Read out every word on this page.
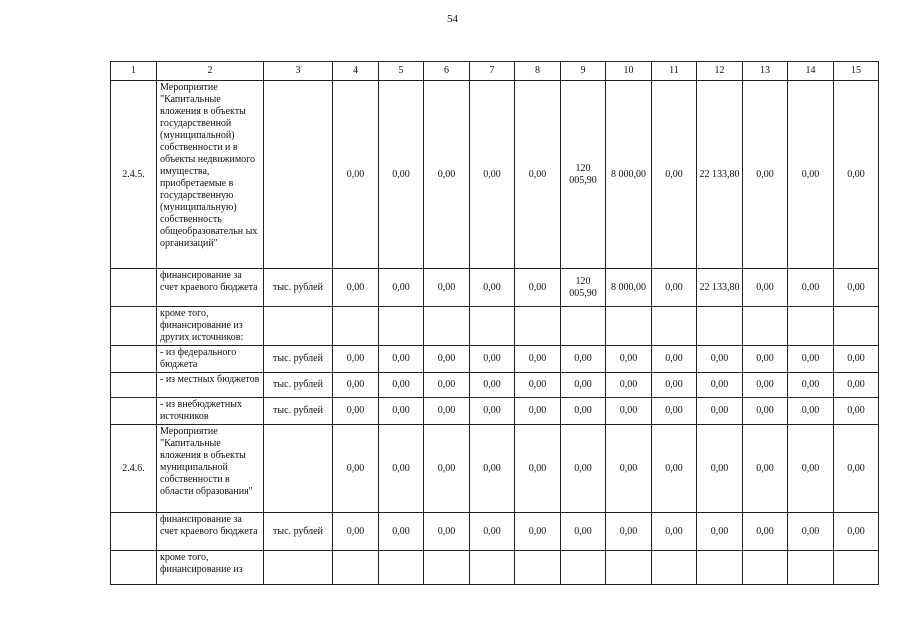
54
1	2	3	4	5	6	7	8	9	10	11	12	13	14	15
2.4.5.	Мероприятие "Капитальные вложения в объекты государственной (муниципальной) собственности и в объекты недвижимого имущества, приобретаемые в государственную (муниципальную) собственность общеобразовательн ых организаций"		0,00	0,00	0,00	0,00	0,00	120 005,90	8 000,00	0,00	22 133,80	0,00	0,00	0,00
	финансирование за счет краевого бюджета	тыс. рублей	0,00	0,00	0,00	0,00	0,00	120 005,90	8 000,00	0,00	22 133,80	0,00	0,00	0,00
	кроме того, финансирование из других источников:													
	- из федерального бюджета	тыс. рублей	0,00	0,00	0,00	0,00	0,00	0,00	0,00	0,00	0,00	0,00	0,00	0,00
	- из местных бюджетов	тыс. рублей	0,00	0,00	0,00	0,00	0,00	0,00	0,00	0,00	0,00	0,00	0,00	0,00
	- из внебюджетных источников	тыс. рублей	0,00	0,00	0,00	0,00	0,00	0,00	0,00	0,00	0,00	0,00	0,00	0,00
2.4.6.	Мероприятие "Капитальные вложения в объекты муниципальной собственности в области образования"		0,00	0,00	0,00	0,00	0,00	0,00	0,00	0,00	0,00	0,00	0,00	0,00
	финансирование за счет краевого бюджета	тыс. рублей	0,00	0,00	0,00	0,00	0,00	0,00	0,00	0,00	0,00	0,00	0,00	0,00
	кроме того, финансирование из													
